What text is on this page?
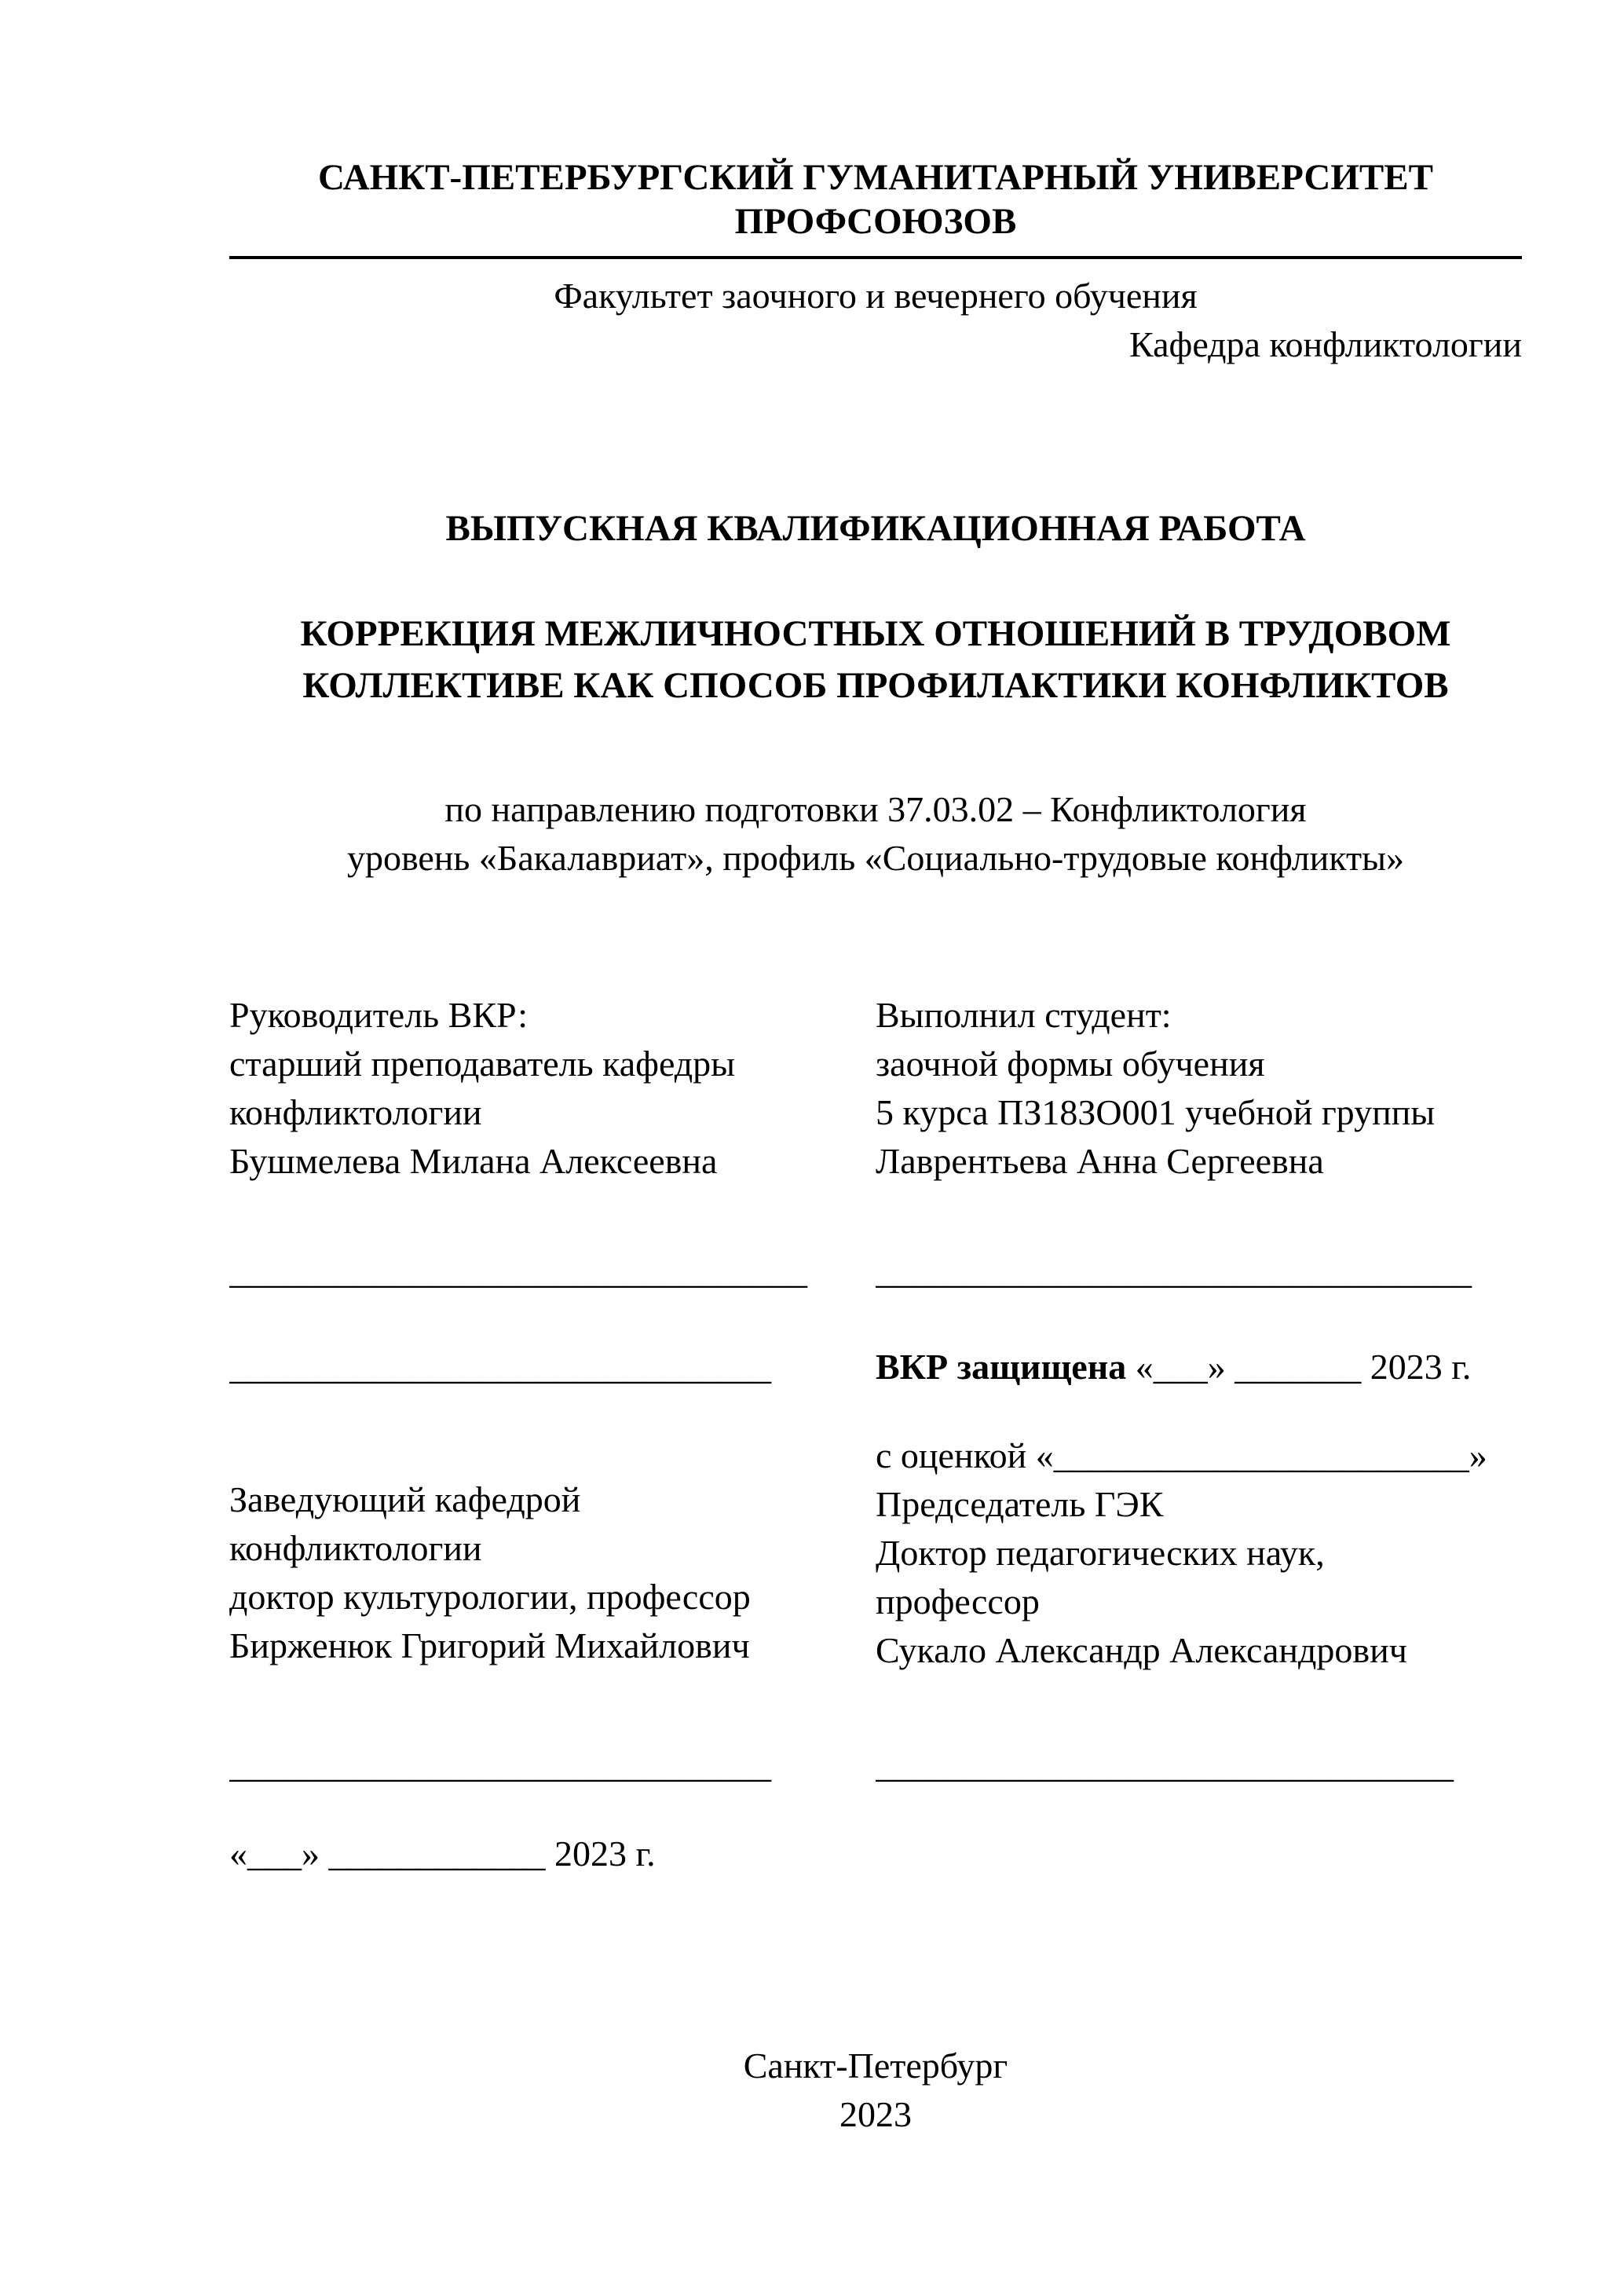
САНКТ-ПЕТЕРБУРГСКИЙ ГУМАНИТАРНЫЙ УНИВЕРСИТЕТ ПРОФСОЮЗОВ
Факультет заочного и вечернего обучения
Кафедра конфликтологии
ВЫПУСКНАЯ КВАЛИФИКАЦИОННАЯ РАБОТА
КОРРЕКЦИЯ МЕЖЛИЧНОСТНЫХ ОТНОШЕНИЙ В ТРУДОВОМ КОЛЛЕКТИВЕ КАК СПОСОБ ПРОФИЛАКТИКИ КОНФЛИКТОВ
по направлению подготовки 37.03.02 – Конфликтология
уровень «Бакалавриат», профиль «Социально-трудовые конфликты»
Руководитель ВКР:
старший преподаватель кафедры
конфликтологии
Бушмелева Милана Алексеевна
________________________________
______________________________
Заведующий кафедрой
конфликтологии
доктор культурологии, профессор
Бирженюк Григорий Михайлович
______________________________
«___» ____________ 2023 г.
Выполнил студент:
заочной формы обучения
5 курса ПЗ18ЗО001 учебной группы
Лаврентьева Анна Сергеевна
_________________________________
ВКР защищена «___» _______ 2023 г.
с оценкой «_______________________»
Председатель ГЭК
Доктор педагогических наук,
профессор
Сукало Александр Александрович
________________________________
Санкт-Петербург
2023
